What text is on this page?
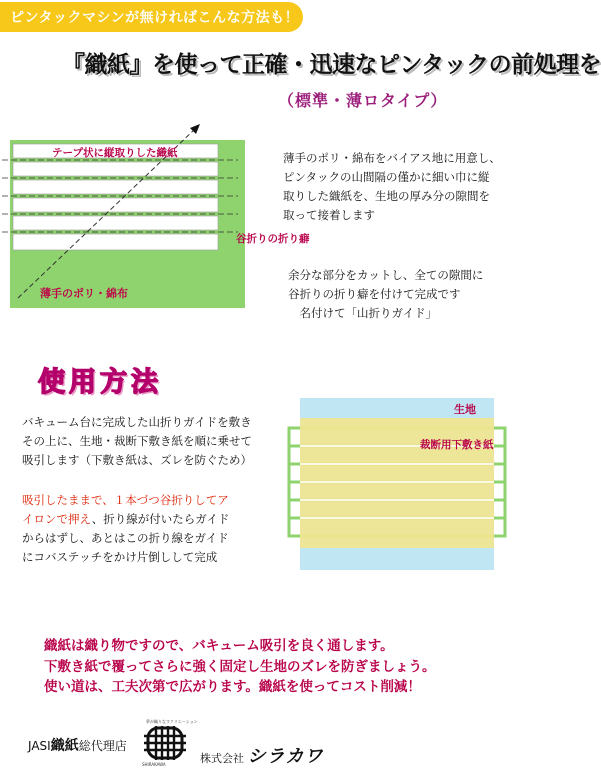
ピンタックマシンが無ければこんな方法も！
『織紙』を使って正確・迅速なピンタックの前処理を
（標準・薄ロタイプ）
テープ状に縦取りした織紙
谷折りの折り癖
薄手のポリ・綿布
薄手のポリ・綿布をバイアス地に用意し、
ピンタックの山間隔の僅かに細い巾に縦
取りした織紙を、生地の厚み分の隙間を
取って接着します
余分な部分をカットし、全ての隙間に
谷折りの折り癖を付けて完成です
　名付けて「山折りガイド」
使用方法
バキューム台に完成した山折りガイドを敷き
その上に、生地・裁断下敷き紙を順に乗せて
吸引します（下敷き紙は、ズレを防ぐため）
吸引したままで、１本づつ谷折りしてア
イロンで押え、折り線が付いたらガイド
からはずし、あとはこの折り線をガイド
にコバステッチをかけ片倒しして完成
生地
裁断用下敷き紙
織紙は織り物ですので、バキューム吸引を良く通します。
下敷き紙で覆ってさらに強く固定し生地のズレを防ぎましょう。
使い道は、工夫次第で広がります。織紙を使ってコスト削減！
JASI織紙総代理店
夢が織りなすクリエーション
SHIRAKAWA	株式会社 シラカワ
